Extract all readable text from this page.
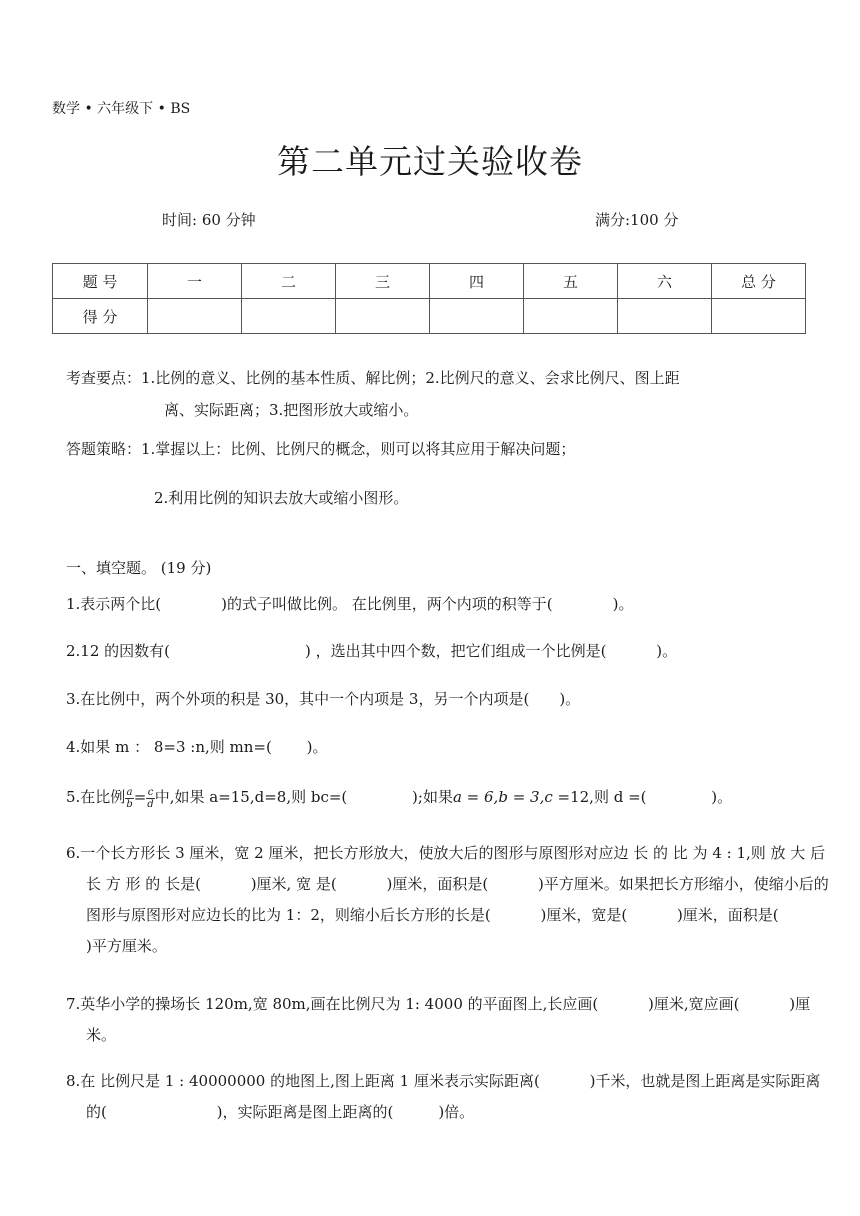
数学 • 六年级下 • BS
第二单元过关验收卷
时间: 60 分钟	满分:100 分
题 号	一	二	三	四	五	六	总 分
得 分							
考查要点：1.比例的意义、比例的基本性质、解比例；2.比例尺的意义、会求比例尺、图上距
离、实际距离；3.把图形放大或缩小。
答题策略：1.掌握以上：比例、比例尺的概念，则可以将其应用于解决问题；
2.利用比例的知识去放大或缩小图形。
一、填空题。 (19 分)
1.表示两个比(　　　　)的式子叫做比例。 在比例里，两个内项的积等于(　　　　)。
2.12 的因数有(　　　　　　　　　) ，选出其中四个数，把它们组成一个比例是(　　　 )。
3.在比例中，两个外项的积是 30，其中一个内项是 3，另一个内项是(　　)。
4.如果 m ： 8=3 :n,则 mn=(　　 )。
5.在比例 $\frac{a}{b} = \frac{c}{d}$ 中,如果 a=15,d=8,则 bc=(　　　　 );如果a = 6,b = 3,c =12,则 d =(　　　　 )。
6.一个长方形长 3 厘米，宽 2 厘米，把长方形放大，使放大后的图形与原图形对应边 长 的 比 为 4 : 1,则 放 大 后 长 方 形 的 长是(　　　 )厘米, 宽 是(　　　 )厘米，面积是(　　　 )平方厘米。如果把长方形缩小，使缩小后的图形与原图形对应边长的比为 1：2，则缩小后长方形的长是(　　　 )厘米，宽是(　　　 )厘米，面积是(　　　 )平方厘米。
7.英华小学的操场长 120m,宽 80m,画在比例尺为 1: 4000 的平面图上,长应画(　　　 )厘米,宽应画(　　　 )厘米。
8.在 比例尺是 1 : 40000000 的地图上,图上距离 1 厘米表示实际距离(　　　 )千米，也就是图上距离是实际距离的(　　　　　　　 )，实际距离是图上距离的(　　　)倍。
